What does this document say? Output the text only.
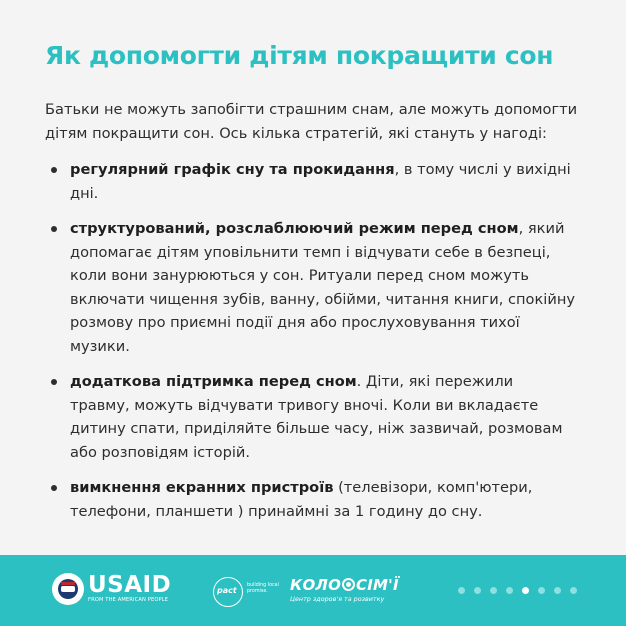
Як допомогти дітям покращити сон
Батьки не можуть запобігти страшним снам, але можуть допомогти дітям покращити сон. Ось кілька стратегій, які стануть у нагоді:
регулярний графік сну та прокидання, в тому числі у вихідні дні.
структурований, розслаблюючий режим перед сном, який допомагає дітям уповільнити темп і відчувати себе в безпеці, коли вони занурюються у сон. Ритуали перед сном можуть включати чищення зубів, ванну, обійми, читання книги, спокійну розмову про приємні події дня або прослуховування тихої музики.
додаткова підтримка перед сном. Діти, які пережили травму, можуть відчувати тривогу вночі. Коли ви вкладаєте дитину спати, приділяйте більше часу, ніж зазвичай, розмовам або розповідям історій.
вимкнення екранних пристроїв (телевізори, комп'ютери, телефони, планшети ) принаймні за 1 годину до сну.
USAID
FROM THE AMERICAN PEOPLE
pact
building local promise.	КОЛО СІМ'Ї
Центр здоров'я та розвитку
